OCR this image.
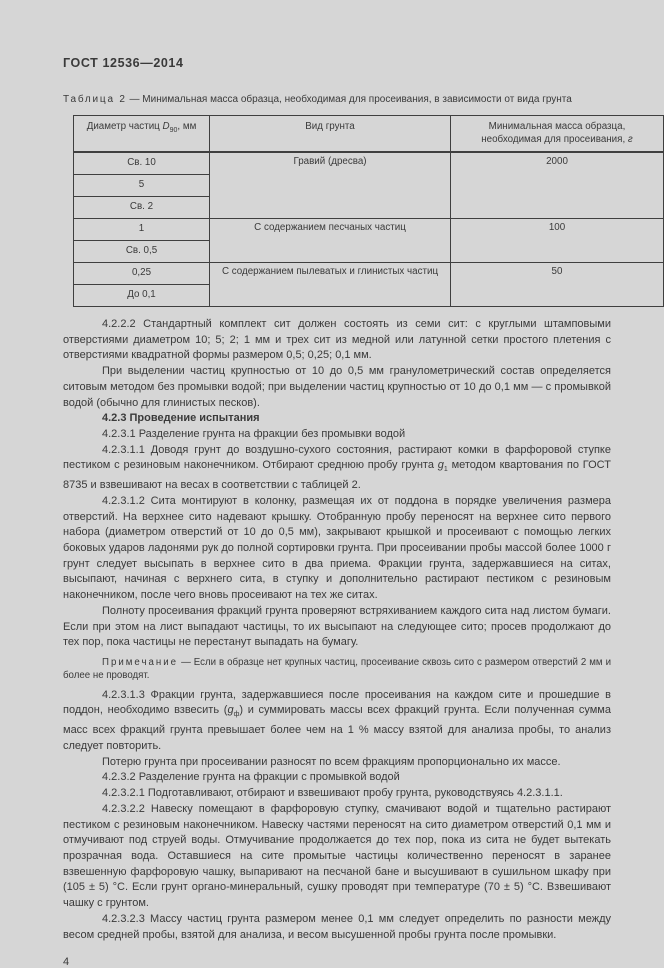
ГОСТ 12536—2014
Таблица 2 — Минимальная масса образца, необходимая для просеивания, в зависимости от вида грунта
Диаметр частиц $D_{90}$, мм	Вид грунта	Минимальная масса образца, необходимая для просеивания, г
Св. 10	Гравий (дресва)	2000
5		
Св. 2		
1	С содержанием песчаных частиц	100
Св. 0,5		
0,25	С содержанием пылеватых и глинистых частиц	50
До 0,1		

4.2.2.2 Стандартный комплект сит должен состоять из семи сит: с круглыми штамповыми отверстиями диаметром 10; 5; 2; 1 мм и трех сит из медной или латунной сетки простого плетения с отверстиями квадратной формы размером 0,5; 0,25; 0,1 мм.

При выделении частиц крупностью от 10 до 0,5 мм гранулометрический состав определяется ситовым методом без промывки водой; при выделении частиц крупностью от 10 до 0,1 мм — с промывкой водой (обычно для глинистых песков).

4.2.3 Проведение испытания

4.2.3.1 Разделение грунта на фракции без промывки водой

4.2.3.1.1 Доводя грунт до воздушно-сухого состояния, растирают комки в фарфоровой ступке пестиком с резиновым наконечником. Отбирают среднюю пробу грунта $g_1$ методом квартования по ГОСТ 8735 и взвешивают на весах в соответствии с таблицей 2.

4.2.3.1.2 Сита монтируют в колонку, размещая их от поддона в порядке увеличения размера отверстий. На верхнее сито надевают крышку. Отобранную пробу переносят на верхнее сито первого набора (диаметром отверстий от 10 до 0,5 мм), закрывают крышкой и просеивают с помощью легких боковых ударов ладонями рук до полной сортировки грунта. При просеивании пробы массой более 1000 г грунт следует высыпать в верхнее сито в два приема. Фракции грунта, задержавшиеся на ситах, высыпают, начиная с верхнего сита, в ступку и дополнительно растирают пестиком с резиновым наконечником, после чего вновь просеивают на тех же ситах.

Полноту просеивания фракций грунта проверяют встряхиванием каждого сита над листом бумаги. Если при этом на лист выпадают частицы, то их высыпают на следующее сито; просев продолжают до тех пор, пока частицы не перестанут выпадать на бумагу.

Примечание — Если в образце нет крупных частиц, просеивание сквозь сито с размером отверстий 2 мм и более не проводят.

4.2.3.1.3 Фракции грунта, задержавшиеся после просеивания на каждом сите и прошедшие в поддон, необходимо взвесить $(g_ф)$ и суммировать массы всех фракций грунта. Если полученная сумма масс всех фракций грунта превышает более чем на 1 % массу взятой для анализа пробы, то анализ следует повторить.

Потерю грунта при просеивании разносят по всем фракциям пропорционально их массе.

4.2.3.2 Разделение грунта на фракции с промывкой водой

4.2.3.2.1 Подготавливают, отбирают и взвешивают пробу грунта, руководствуясь 4.2.3.1.1.

4.2.3.2.2 Навеску помещают в фарфоровую ступку, смачивают водой и тщательно растирают пестиком с резиновым наконечником. Навеску частями переносят на сито диаметром отверстий 0,1 мм и отмучивают под струей воды. Отмучивание продолжается до тех пор, пока из сита не будет вытекать прозрачная вода. Оставшиеся на сите промытые частицы количественно переносят в заранее взвешенную фарфоровую чашку, выпаривают на песчаной бане и высушивают в сушильном шкафу при (105 ± 5) °С. Если грунт органо-минеральный, сушку проводят при температуре (70 ± 5) °С. Взвешивают чашку с грунтом.

4.2.3.2.3 Массу частиц грунта размером менее 0,1 мм следует определить по разности между весом средней пробы, взятой для анализа, и весом высушенной пробы грунта после промывки.

4
